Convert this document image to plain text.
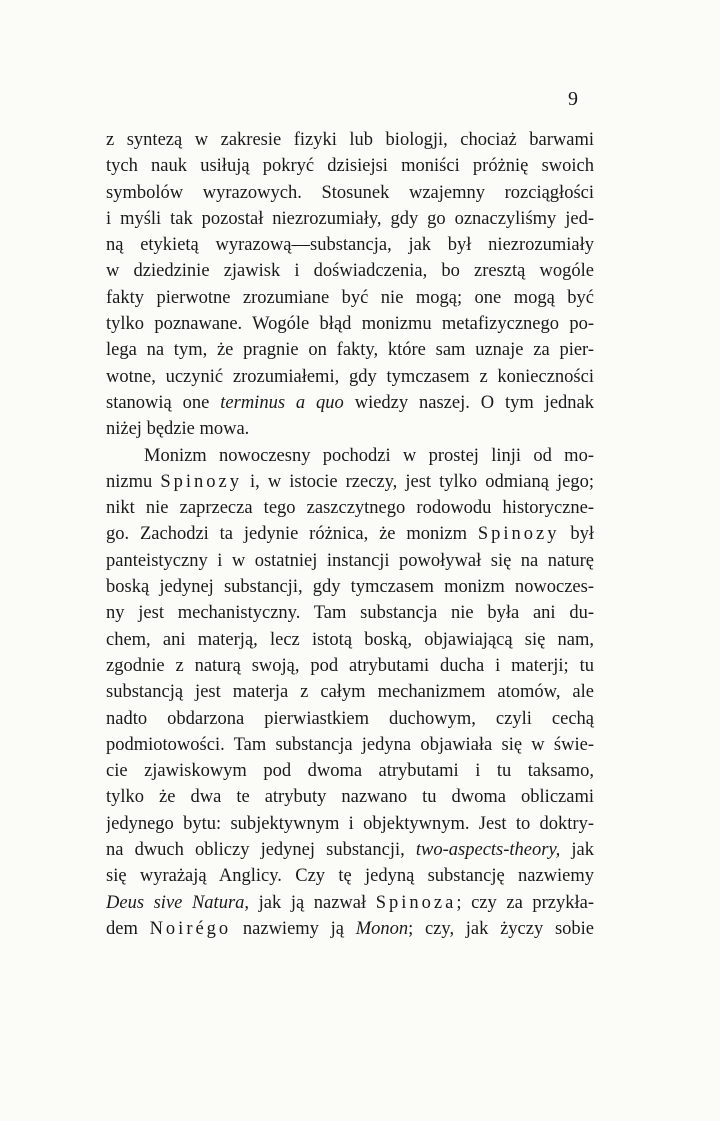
9
z syntezą w zakresie fizyki lub biologji, chociaż barwami
tych nauk usiłują pokryć dzisiejsi moniści próżnię swoich
symbolów wyrazowych. Stosunek wzajemny rozciągłości
i myśli tak pozostał niezrozumiały, gdy go oznaczyliśmy jed-
ną etykietą wyrazową—substancja, jak był niezrozumiały
w dziedzinie zjawisk i doświadczenia, bo zresztą wogóle
fakty pierwotne zrozumiane być nie mogą; one mogą być
tylko poznawane. Wogóle błąd monizmu metafizycznego po-
lega na tym, że pragnie on fakty, które sam uznaje za pier-
wotne, uczynić zrozumiałemi, gdy tymczasem z konieczności
stanowią one terminus a quo wiedzy naszej. O tym jednak
niżej będzie mowa.
Monizm nowoczesny pochodzi w prostej linji od mo-
nizmu Spinozy i, w istocie rzeczy, jest tylko odmianą jego;
nikt nie zaprzecza tego zaszczytnego rodowodu historyczne-
go. Zachodzi ta jedynie różnica, że monizm Spinozy był
panteistyczny i w ostatniej instancji powoływał się na naturę
boską jedynej substancji, gdy tymczasem monizm nowoczes-
ny jest mechanistyczny. Tam substancja nie była ani du-
chem, ani materją, lecz istotą boską, objawiającą się nam,
zgodnie z naturą swoją, pod atrybutami ducha i materji; tu
substancją jest materja z całym mechanizmem atomów, ale
nadto obdarzona pierwiastkiem duchowym, czyli cechą
podmiotowości. Tam substancja jedyna objawiała się w świe-
cie zjawiskowym pod dwoma atrybutami i tu taksamo,
tylko że dwa te atrybuty nazwano tu dwoma obliczami
jedynego bytu: subjektywnym i objektywnym. Jest to doktry-
na dwuch obliczy jedynej substancji, two-aspects-theory, jak
się wyrażają Anglicy. Czy tę jedyną substancję nazwiemy
Deus sive Natura, jak ją nazwał Spinoza; czy za przykła-
dem Noirégo nazwiemy ją Monon; czy, jak życzy sobie
